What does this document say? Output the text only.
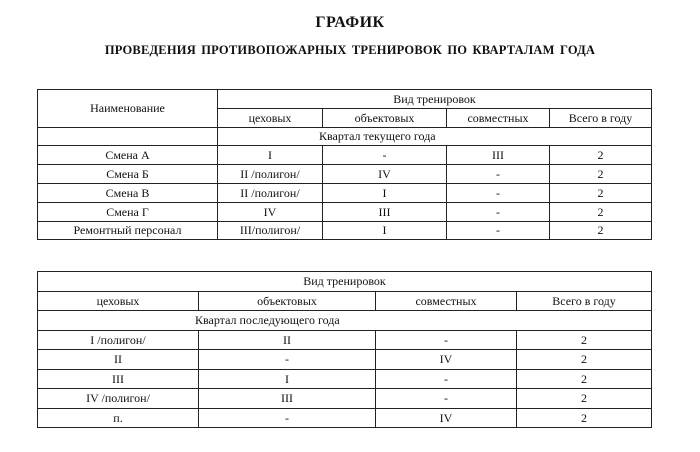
ГРАФИК
ПРОВЕДЕНИЯ ПРОТИВОПОЖАРНЫХ ТРЕНИРОВОК ПО КВАРТАЛАМ ГОДА
Наименование	Вид тренировок			
	цеховых	объектовых	совместных	Всего в году
	Квартал текущего года			
Смена А	I	-	III	2
Смена Б	II /полигон/	IV	-	2
Смена В	II /полигон/	I	-	2
Смена Г	IV	III	-	2
Ремонтный персонал	III/полигон/	I	-	2
Вид тренировок			
цеховых	объектовых	совместных	Всего в году
Квартал последующего года			
I /полигон/	II	-	2
II	-	IV	2
III	I	-	2
IV /полигон/	III	-	2
п.	-	IV	2
